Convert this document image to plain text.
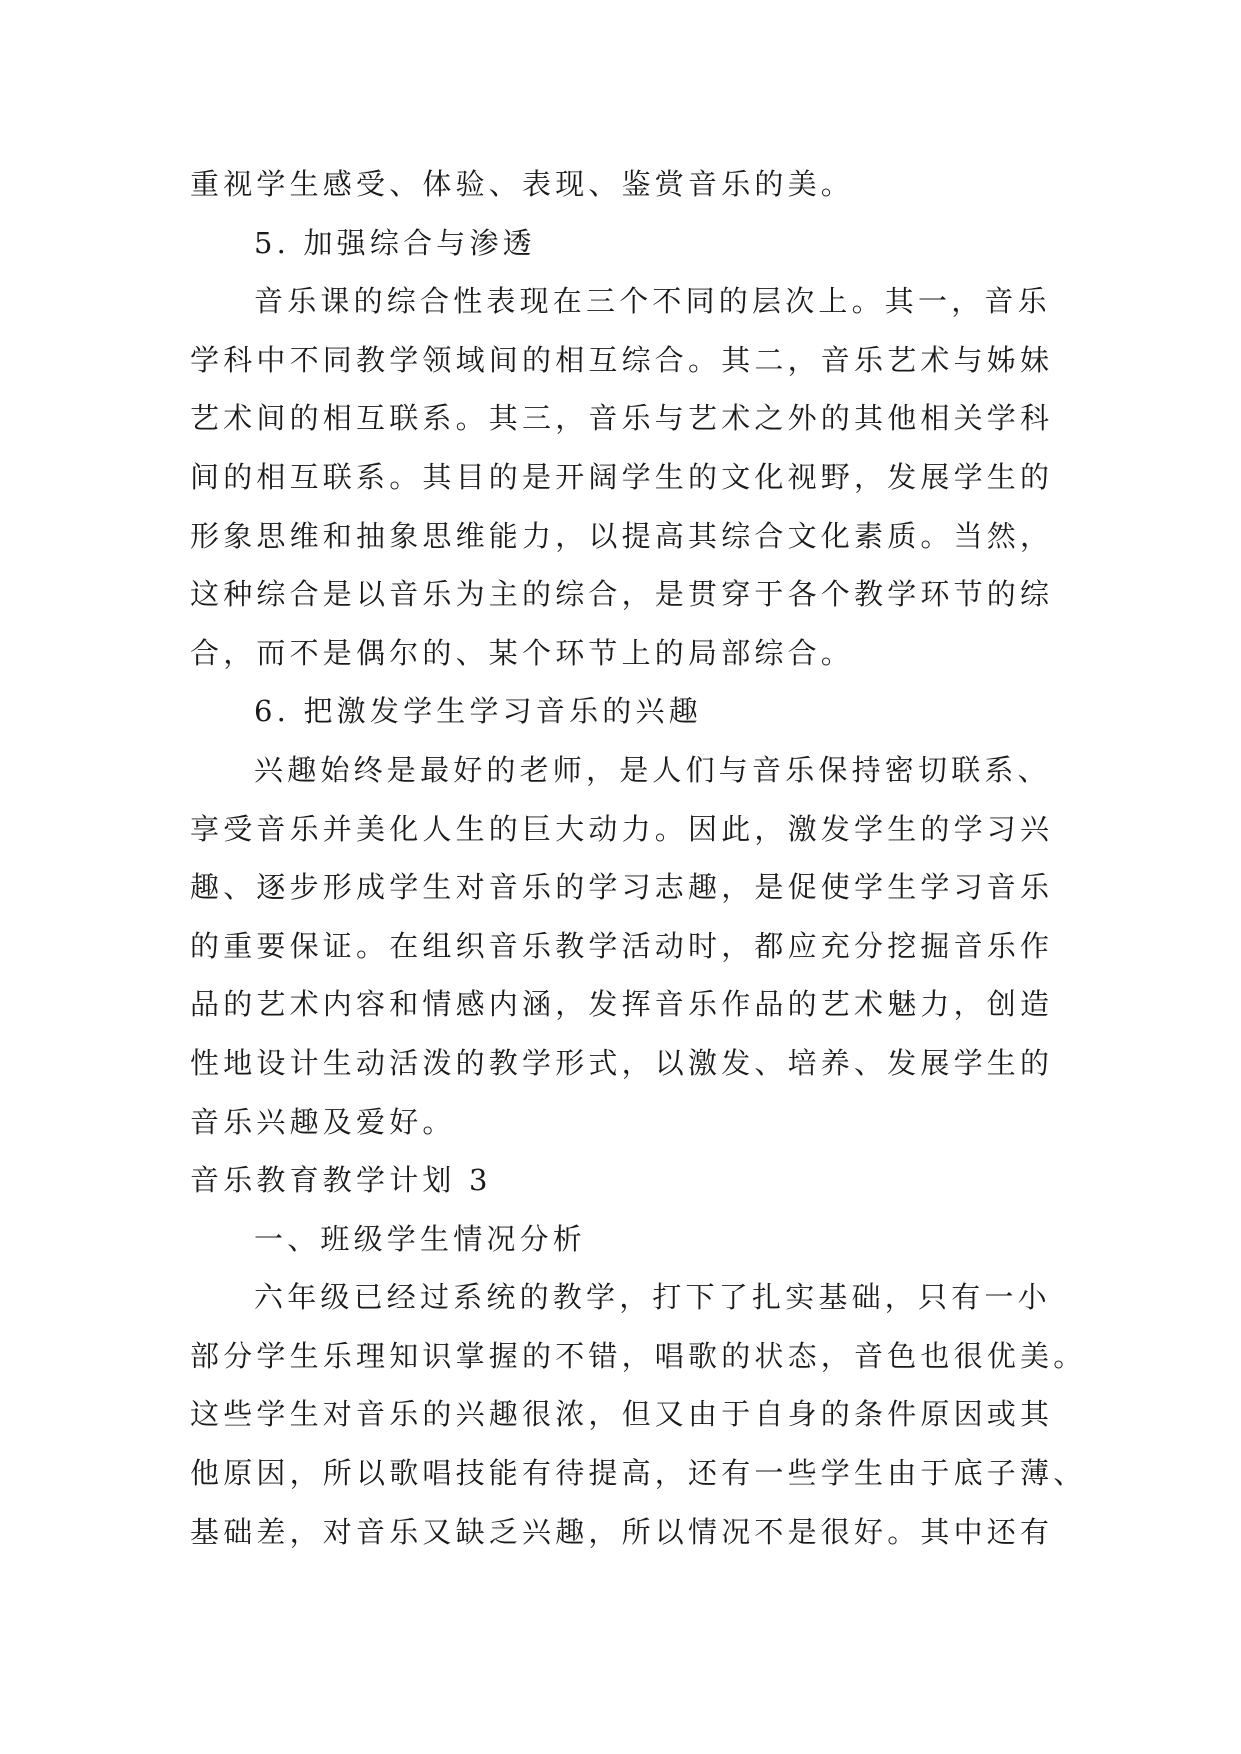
重视学生感受、体验、表现、鉴赏音乐的美。
5. 加强综合与渗透
音乐课的综合性表现在三个不同的层次上。其一，音乐
学科中不同教学领域间的相互综合。其二，音乐艺术与姊妹
艺术间的相互联系。其三，音乐与艺术之外的其他相关学科
间的相互联系。其目的是开阔学生的文化视野，发展学生的
形象思维和抽象思维能力，以提高其综合文化素质。当然，
这种综合是以音乐为主的综合，是贯穿于各个教学环节的综
合，而不是偶尔的、某个环节上的局部综合。
6. 把激发学生学习音乐的兴趣
兴趣始终是最好的老师，是人们与音乐保持密切联系、
享受音乐并美化人生的巨大动力。因此，激发学生的学习兴
趣、逐步形成学生对音乐的学习志趣，是促使学生学习音乐
的重要保证。在组织音乐教学活动时，都应充分挖掘音乐作
品的艺术内容和情感内涵，发挥音乐作品的艺术魅力，创造
性地设计生动活泼的教学形式，以激发、培养、发展学生的
音乐兴趣及爱好。
音乐教育教学计划 3
一、班级学生情况分析
六年级已经过系统的教学，打下了扎实基础，只有一小
部分学生乐理知识掌握的不错，唱歌的状态，音色也很优美。
这些学生对音乐的兴趣很浓，但又由于自身的条件原因或其
他原因，所以歌唱技能有待提高，还有一些学生由于底子薄、
基础差，对音乐又缺乏兴趣，所以情况不是很好。其中还有
